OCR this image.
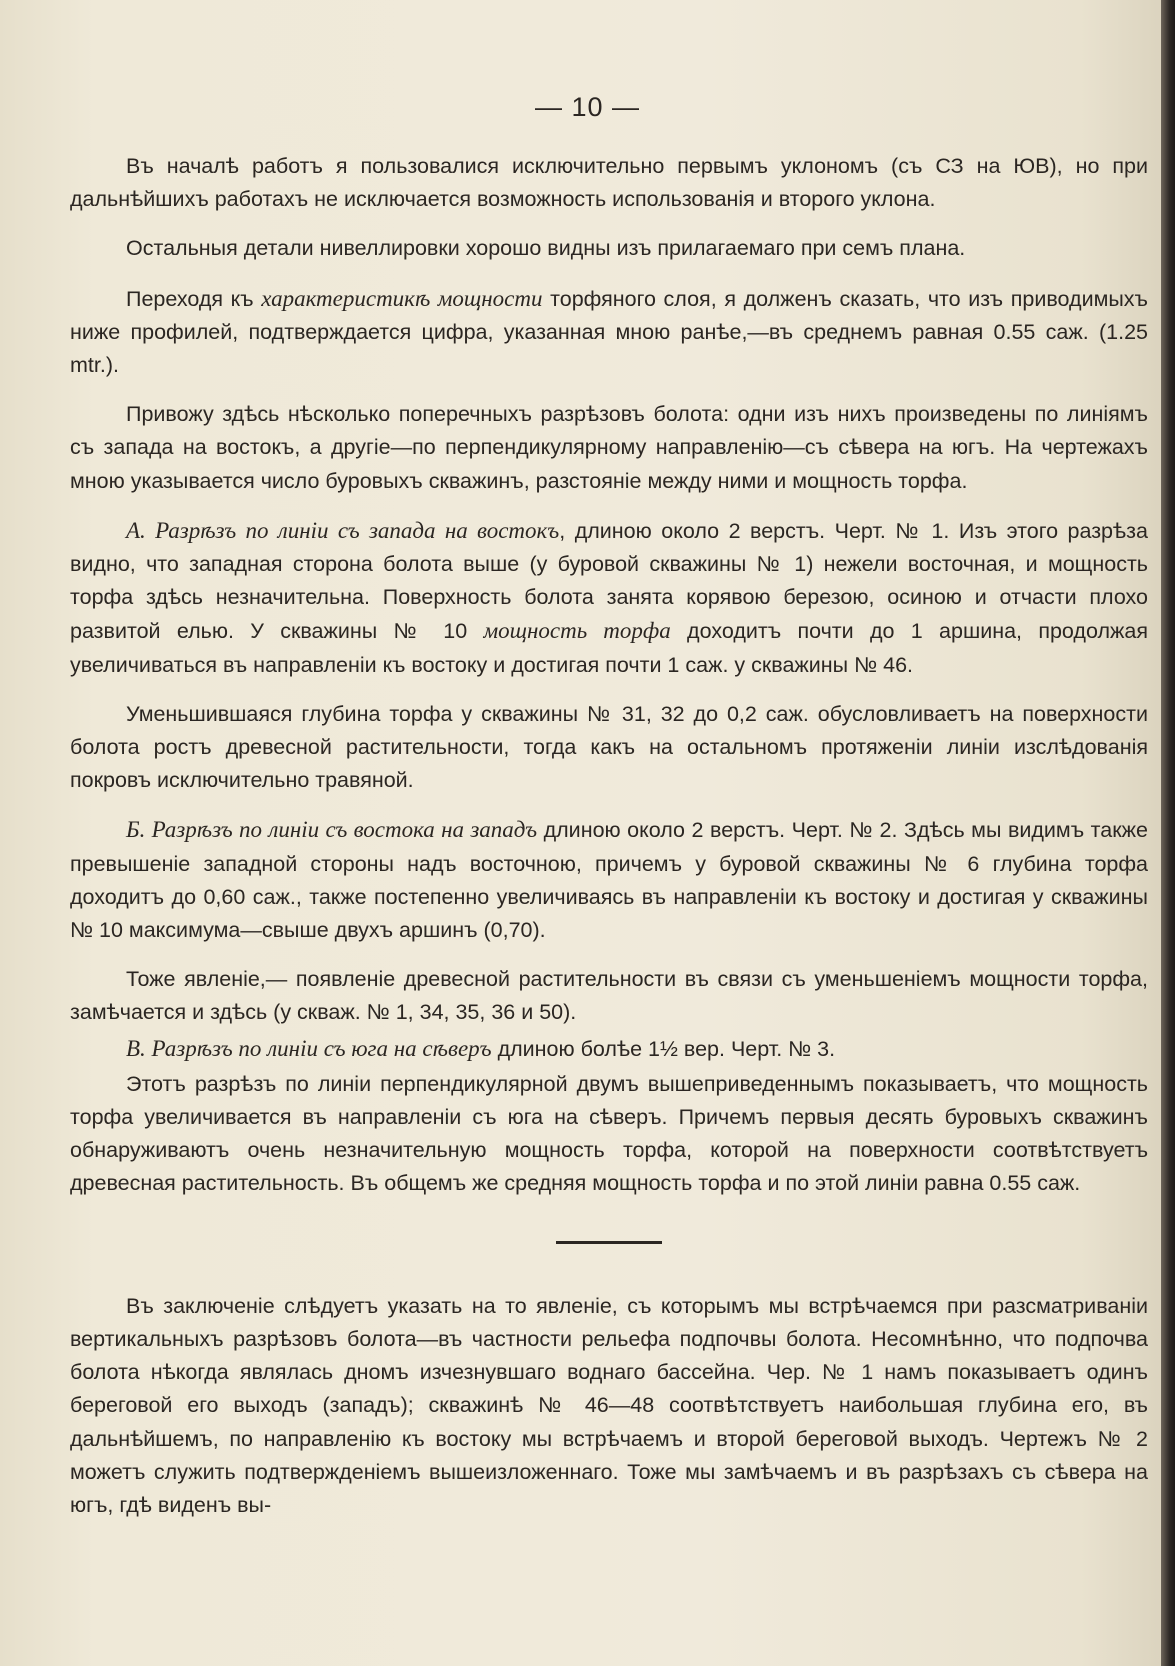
— 10 —

Въ началѣ работъ я пользовалися исключительно первымъ уклономъ (съ СЗ на ЮВ), но при дальнѣйшихъ работахъ не исключается возможность использованія и второго уклона.

Остальныя детали нивеллировки хорошо видны изъ прилагаемаго при семъ плана.

Переходя къ характеристикѣ мощности торфяного слоя, я долженъ сказать, что изъ приводимыхъ ниже профилей, подтверждается цифра, указанная мною ранѣе,—въ среднемъ равная 0.55 саж. (1.25 mtr.).

Привожу здѣсь нѣсколько поперечныхъ разрѣзовъ болота: одни изъ нихъ произведены по линіямъ съ запада на востокъ, а другіе—по перпендикулярному направленію—съ сѣвера на югъ. На чертежахъ мною указывается число буровыхъ скважинъ, разстояніе между ними и мощность торфа.

А. Разрѣзъ по линіи съ запада на востокъ, длиною около 2 верстъ. Черт. № 1. Изъ этого разрѣза видно, что западная сторона болота выше (у буровой скважины № 1) нежели восточная, и мощность торфа здѣсь незначительна. Поверхность болота занята корявою березою, осиною и отчасти плохо развитой елью. У скважины № 10 мощность торфа доходитъ почти до 1 аршина, продолжая увеличиваться въ направленіи къ востоку и достигая почти 1 саж. у скважины № 46.

Уменьшившаяся глубина торфа у скважины № 31, 32 до 0,2 саж. обусловливаетъ на поверхности болота ростъ древесной растительности, тогда какъ на остальномъ протяженіи линіи изслѣдованія покровъ исключительно травяной.

Б. Разрѣзъ по линіи съ востока на западъ длиною около 2 верстъ. Черт. № 2. Здѣсь мы видимъ также превышеніе западной стороны надъ восточною, причемъ у буровой скважины № 6 глубина торфа доходитъ до 0,60 саж., также постепенно увеличиваясь въ направленіи къ востоку и достигая у скважины № 10 максимума—свыше двухъ аршинъ (0,70).

Тоже явленіе,— появленіе древесной растительности въ связи съ уменьшеніемъ мощности торфа, замѣчается и здѣсь (у скваж. № 1, 34, 35, 36 и 50).

В. Разрѣзъ по линіи съ юга на сѣверъ длиною болѣе 1½ вер. Черт. № 3.

Этотъ разрѣзъ по линіи перпендикулярной двумъ вышеприведеннымъ показываетъ, что мощность торфа увеличивается въ направленіи съ юга на сѣверъ. Причемъ первыя десять буровыхъ скважинъ обнаруживаютъ очень незначительную мощность торфа, которой на поверхности соотвѣтствуетъ древесная растительность. Въ общемъ же средняя мощность торфа и по этой линіи равна 0.55 саж.

Въ заключеніе слѣдуетъ указать на то явленіе, съ которымъ мы встрѣчаемся при разсматриваніи вертикальныхъ разрѣзовъ болота—въ частности рельефа подпочвы болота. Несомнѣнно, что подпочва болота нѣкогда являлась дномъ изчезнувшаго воднаго бассейна. Чер. № 1 намъ показываетъ одинъ береговой его выходъ (западъ); скважинѣ № 46—48 соотвѣтствуетъ наибольшая глубина его, въ дальнѣйшемъ, по направленію къ востоку мы встрѣчаемъ и второй береговой выходъ. Чертежъ № 2 можетъ служить подтвержденіемъ вышеизложеннаго. Тоже мы замѣчаемъ и въ разрѣзахъ съ сѣвера на югъ, гдѣ виденъ вы-
